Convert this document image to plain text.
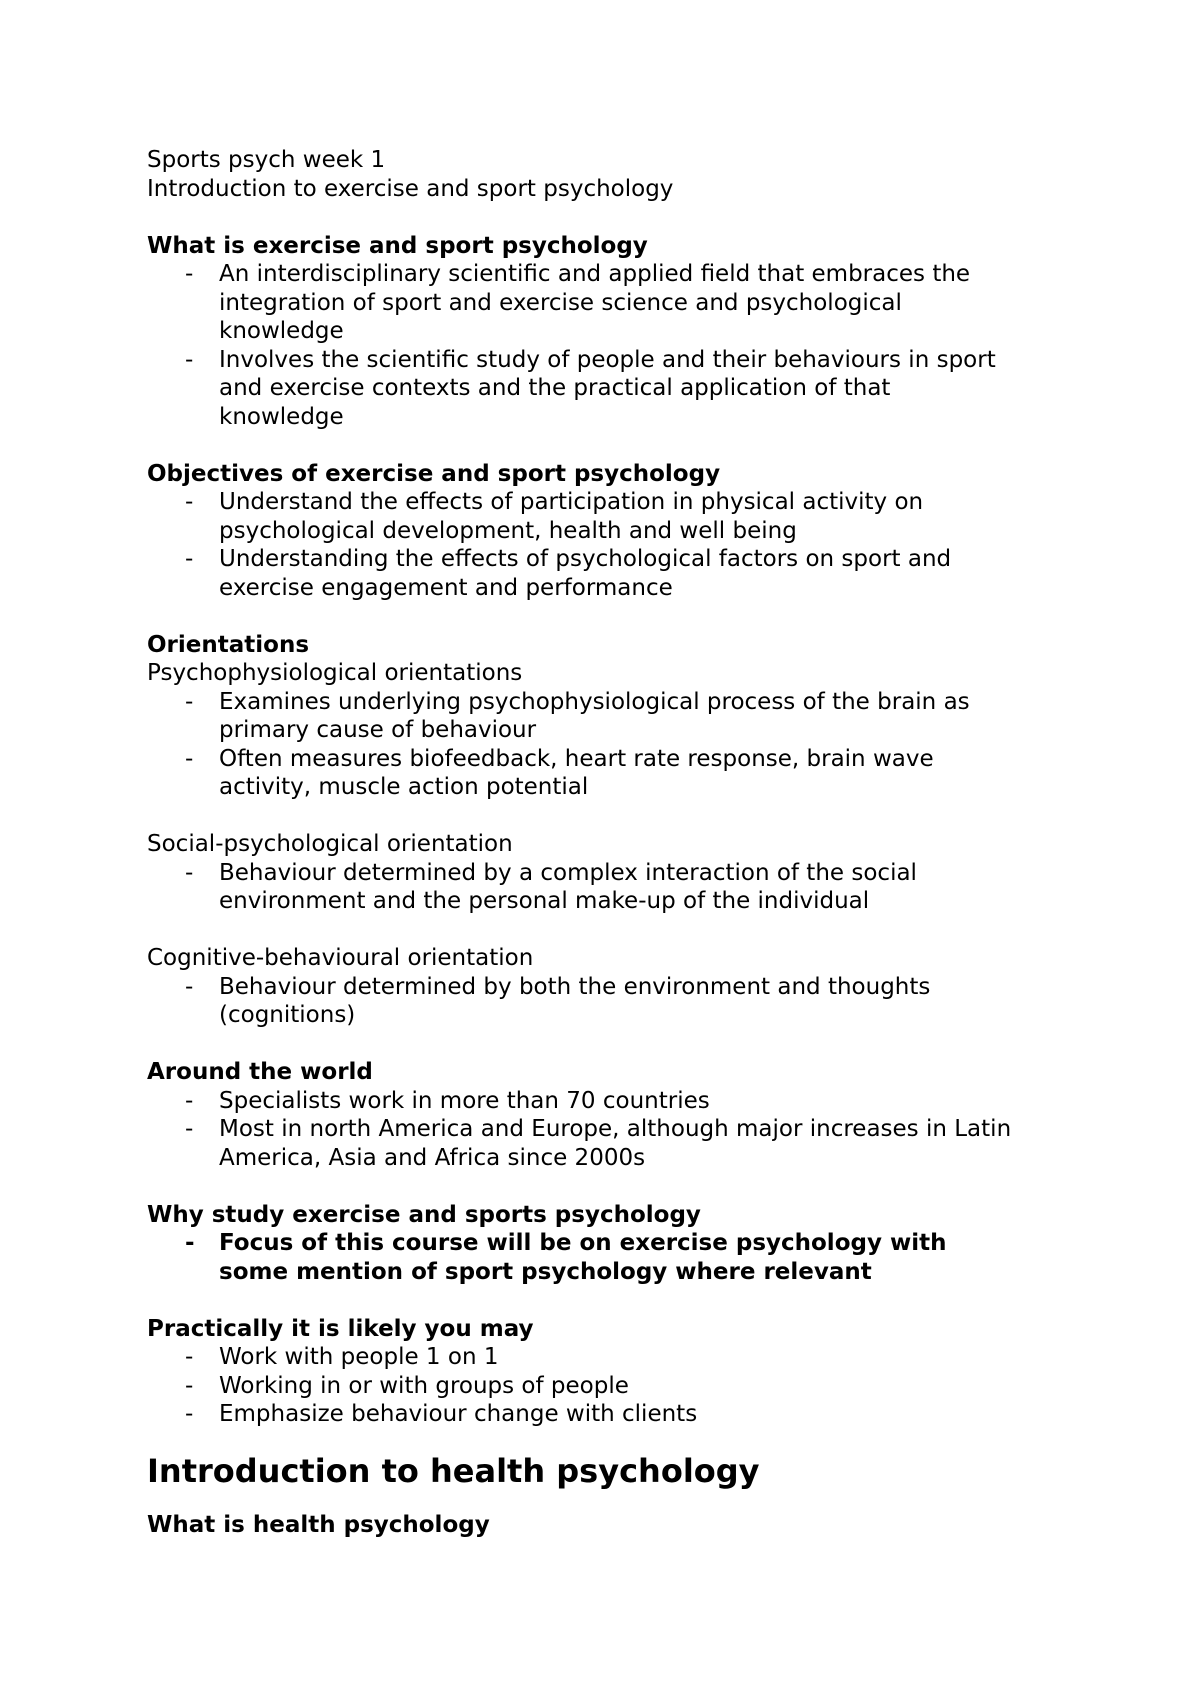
Sports psych week 1
Introduction to exercise and sport psychology
What is exercise and sport psychology
- An interdisciplinary scientific and applied field that embraces the
integration of sport and exercise science and psychological
knowledge
- Involves the scientific study of people and their behaviours in sport
and exercise contexts and the practical application of that
knowledge
Objectives of exercise and sport psychology
- Understand the effects of participation in physical activity on
psychological development, health and well being
- Understanding the effects of psychological factors on sport and
exercise engagement and performance
Orientations
Psychophysiological orientations
- Examines underlying psychophysiological process of the brain as
primary cause of behaviour
- Often measures biofeedback, heart rate response, brain wave
activity, muscle action potential
Social-psychological orientation
- Behaviour determined by a complex interaction of the social
environment and the personal make-up of the individual
Cognitive-behavioural orientation
- Behaviour determined by both the environment and thoughts
(cognitions)
Around the world
- Specialists work in more than 70 countries
- Most in north America and Europe, although major increases in Latin
America, Asia and Africa since 2000s
Why study exercise and sports psychology
- Focus of this course will be on exercise psychology with
some mention of sport psychology where relevant
Practically it is likely you may
- Work with people 1 on 1
- Working in or with groups of people
- Emphasize behaviour change with clients
Introduction to health psychology
What is health psychology
